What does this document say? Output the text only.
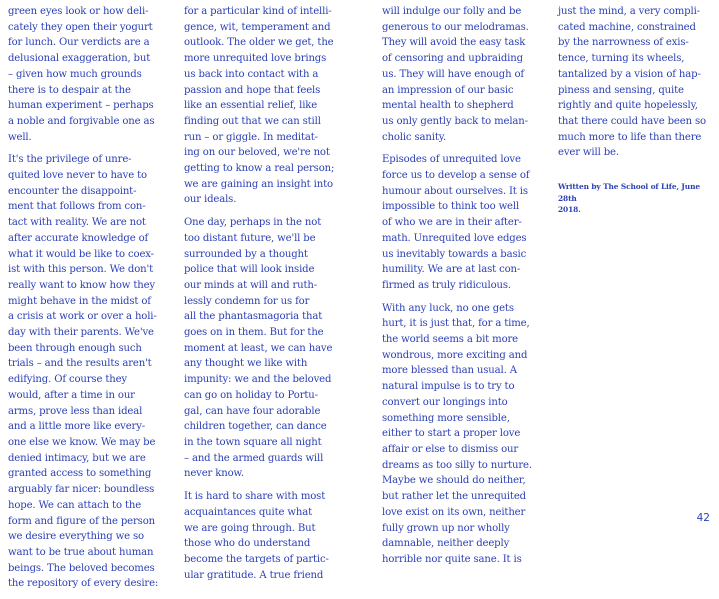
green eyes look or how deli-
cately they open their yogurt
for lunch. Our verdicts are a
delusional exaggeration, but
– given how much grounds
there is to despair at the
human experiment – perhaps
a noble and forgivable one as
well.

It's the privilege of unre-
quited love never to have to
encounter the disappoint-
ment that follows from con-
tact with reality. We are not
after accurate knowledge of
what it would be like to coex-
ist with this person. We don't
really want to know how they
might behave in the midst of
a crisis at work or over a holi-
day with their parents. We've
been through enough such
trials – and the results aren't
edifying. Of course they
would, after a time in our
arms, prove less than ideal
and a little more like every-
one else we know. We may be
denied intimacy, but we are
granted access to something
arguably far nicer: boundless
hope. We can attach to the
form and figure of the person
we desire everything we so
want to be true about human
beings. The beloved becomes
the repository of every desire:

for a particular kind of intelli-
gence, wit, temperament and
outlook. The older we get, the
more unrequited love brings
us back into contact with a
passion and hope that feels
like an essential relief, like
finding out that we can still
run – or giggle. In meditat-
ing on our beloved, we're not
getting to know a real person;
we are gaining an insight into
our ideals.

One day, perhaps in the not
too distant future, we'll be
surrounded by a thought
police that will look inside
our minds at will and ruth-
lessly condemn for us for
all the phantasmagoria that
goes on in them. But for the
moment at least, we can have
any thought we like with
impunity: we and the beloved
can go on holiday to Portu-
gal, can have four adorable
children together, can dance
in the town square all night
– and the armed guards will
never know.

It is hard to share with most
acquaintances quite what
we are going through. But
those who do understand
become the targets of partic-
ular gratitude. A true friend

will indulge our folly and be
generous to our melodramas.
They will avoid the easy task
of censoring and upbraiding
us. They will have enough of
an impression of our basic
mental health to shepherd
us only gently back to melan-
cholic sanity.

Episodes of unrequited love
force us to develop a sense of
humour about ourselves. It is
impossible to think too well
of who we are in their after-
math. Unrequited love edges
us inevitably towards a basic
humility. We are at last con-
firmed as truly ridiculous.

With any luck, no one gets
hurt, it is just that, for a time,
the world seems a bit more
wondrous, more exciting and
more blessed than usual. A
natural impulse is to try to
convert our longings into
something more sensible,
either to start a proper love
affair or else to dismiss our
dreams as too silly to nurture.
Maybe we should do neither,
but rather let the unrequited
love exist on its own, neither
fully grown up nor wholly
damnable, neither deeply
horrible nor quite sane. It is

just the mind, a very compli-
cated machine, constrained
by the narrowness of exis-
tence, turning its wheels,
tantalized by a vision of hap-
piness and sensing, quite
rightly and quite hopelessly,
that there could have been so
much more to life than there
ever will be.

Written by The School of Life, June 28th
2018.

42
